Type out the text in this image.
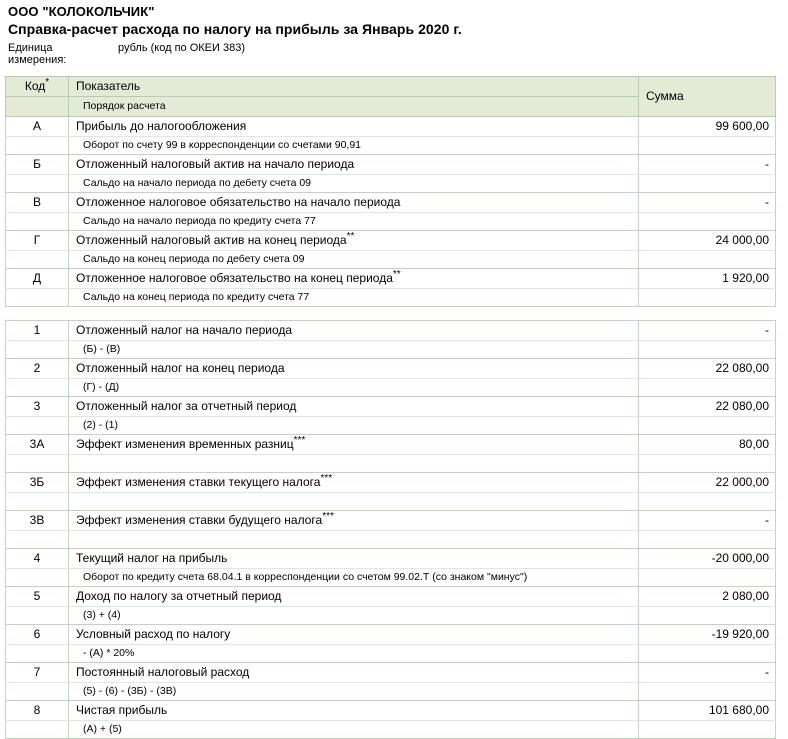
ООО "КОЛОКОЛЬЧИК"
Справка-расчет расхода по налогу на прибыль за Январь 2020 г.
Единица
измерения:
рубль (код по ОКЕИ 383)
Код*	Показатель	Сумма
	Порядок расчета	
А	Прибыль до налогообложения	99 600,00
	Оборот по счету 99 в корреспонденции со счетами 90,91	
Б	Отложенный налоговый актив на начало периода	-
	Сальдо на начало периода по дебету счета 09	
В	Отложенное налоговое обязательство на начало периода	-
	Сальдо на начало периода по кредиту счета 77	
Г	Отложенный налоговый актив на конец периода**	24 000,00
	Сальдо на конец периода по дебету счета 09	
Д	Отложенное налоговое обязательство на конец периода**	1 920,00
	Сальдо на конец периода по кредиту счета 77	

1	Отложенный налог на начало периода	-
	(Б) - (В)	
2	Отложенный налог на конец периода	22 080,00
	(Г) - (Д)	
3	Отложенный налог за отчетный период	22 080,00
	(2) - (1)	
3А	Эффект изменения временных разниц***	80,00

3Б	Эффект изменения ставки текущего налога***	22 000,00

3В	Эффект изменения ставки будущего налога***	-

4	Текущий налог на прибыль	-20 000,00
	Оборот по кредиту счета 68.04.1 в корреспонденции со счетом 99.02.Т (со знаком "минус")	
5	Доход по налогу за отчетный период	2 080,00
	(3) + (4)	
6	Условный расход по налогу	-19 920,00
	- (А) * 20%	
7	Постоянный налоговый расход	-
	(5) - (6) - (3Б) - (3В)	
8	Чистая прибыль	101 680,00
	(А) + (5)	
